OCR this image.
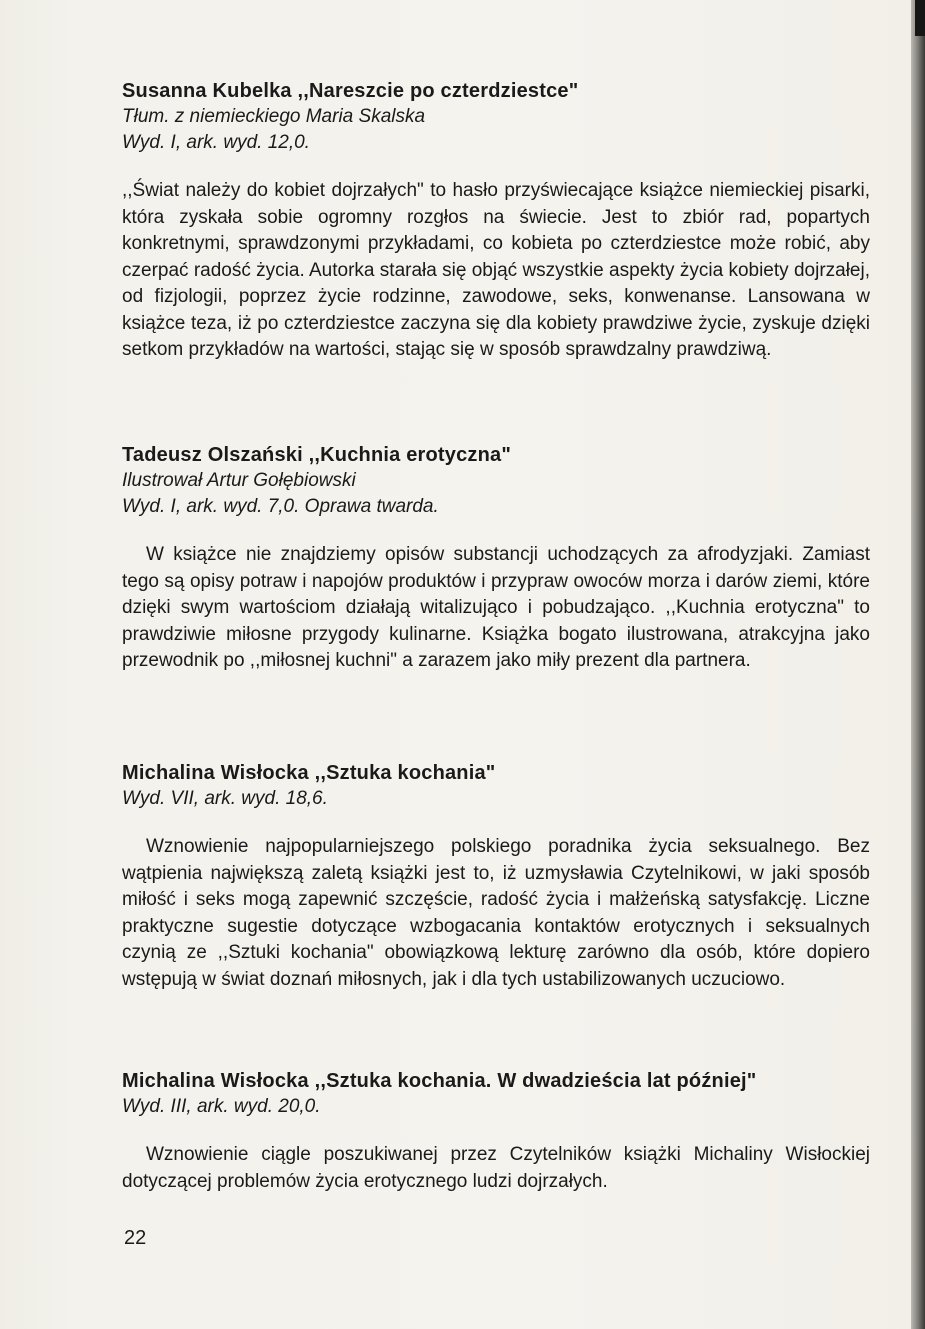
Susanna Kubelka ,,Nareszcie po czterdziestce"

Tłum. z niemieckiego Maria Skalska

Wyd. I, ark. wyd. 12,0.

,,Świat należy do kobiet dojrzałych" to hasło przyświecające książce niemieckiej pisarki, która zyskała sobie ogromny rozgłos na świecie. Jest to zbiór rad, popartych konkretnymi, sprawdzonymi przykładami, co kobieta po czterdziestce może robić, aby czerpać radość życia. Autorka starała się objąć wszystkie aspekty życia kobiety dojrzałej, od fizjologii, poprzez życie rodzinne, zawodowe, seks, konwenanse. Lansowana w książce teza, iż po czterdziestce zaczyna się dla kobiety prawdziwe życie, zyskuje dzięki setkom przykładów na wartości, stając się w sposób sprawdzalny prawdziwą.

Tadeusz Olszański ,,Kuchnia erotyczna"

Ilustrował Artur Gołębiowski

Wyd. I, ark. wyd. 7,0. Oprawa twarda.

W książce nie znajdziemy opisów substancji uchodzących za afrodyzjaki. Zamiast tego są opisy potraw i napojów produktów i przypraw owoców morza i darów ziemi, które dzięki swym wartościom działają witalizująco i pobudzająco. ,,Kuchnia erotyczna" to prawdziwie miłosne przygody kulinarne. Książka bogato ilustrowana, atrakcyjna jako przewodnik po ,,miłosnej kuchni" a zarazem jako miły prezent dla partnera.

Michalina Wisłocka ,,Sztuka kochania"

Wyd. VII, ark. wyd. 18,6.

Wznowienie najpopularniejszego polskiego poradnika życia seksualnego. Bez wątpienia największą zaletą książki jest to, iż uzmysławia Czytelnikowi, w jaki sposób miłość i seks mogą zapewnić szczęście, radość życia i małżeńską satysfakcję. Liczne praktyczne sugestie dotyczące wzbogacania kontaktów erotycznych i seksualnych czynią ze ,,Sztuki kochania" obowiązkową lekturę zarówno dla osób, które dopiero wstępują w świat doznań miłosnych, jak i dla tych ustabilizowanych uczuciowo.

Michalina Wisłocka ,,Sztuka kochania. W dwadzieścia lat później"

Wyd. III, ark. wyd. 20,0.

Wznowienie ciągle poszukiwanej przez Czytelników książki Michaliny Wisłockiej dotyczącej problemów życia erotycznego ludzi dojrzałych.

22
